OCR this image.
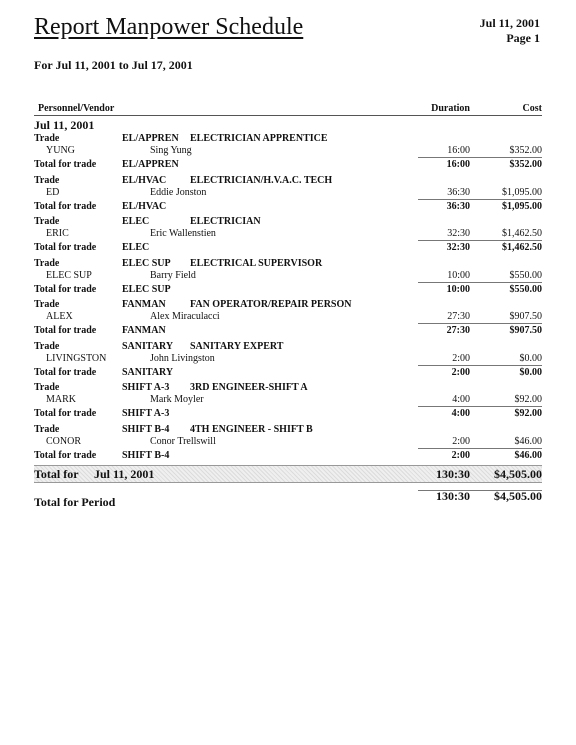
Report Manpower Schedule	Jul 11, 2001
Page 1
For Jul 11, 2001 to Jul 17, 2001
Personnel/Vendor	Duration	Cost
Jul 11, 2001
Trade	EL/APPREN ELECTRICIAN APPRENTICE
YUNG	Sing Yung	16:00	$352.00
Total for trade	EL/APPREN	16:00	$352.00
Trade	EL/HVAC ELECTRICIAN/H.V.A.C. TECH
ED	Eddie Jonston	36:30	$1,095.00
Total for trade	EL/HVAC	36:30	$1,095.00
Trade	ELEC	ELECTRICIAN
ERIC	Eric Wallenstien	32:30	$1,462.50
Total for trade	ELEC	32:30	$1,462.50
Trade	ELEC SUP ELECTRICAL SUPERVISOR
ELEC SUP	Barry Field	10:00	$550.00
Total for trade	ELEC SUP	10:00	$550.00
Trade	FANMAN FAN OPERATOR/REPAIR PERSON
ALEX	Alex Miraculacci	27:30	$907.50
Total for trade	FANMAN	27:30	$907.50
Trade	SANITARY SANITARY EXPERT
LIVINGSTON	John Livingston	2:00	$0.00
Total for trade	SANITARY	2:00	$0.00
Trade	SHIFT A-3 3RD ENGINEER-SHIFT A
MARK	Mark Moyler	4:00	$92.00
Total for trade	SHIFT A-3	4:00	$92.00
Trade	SHIFT B-4 4TH ENGINEER - SHIFT B
CONOR	Conor Trellswill	2:00	$46.00
Total for trade	SHIFT B-4	2:00	$46.00
Total for Jul 11, 2001	130:30 $4,505.00
Total for Period	130:30 $4,505.00
